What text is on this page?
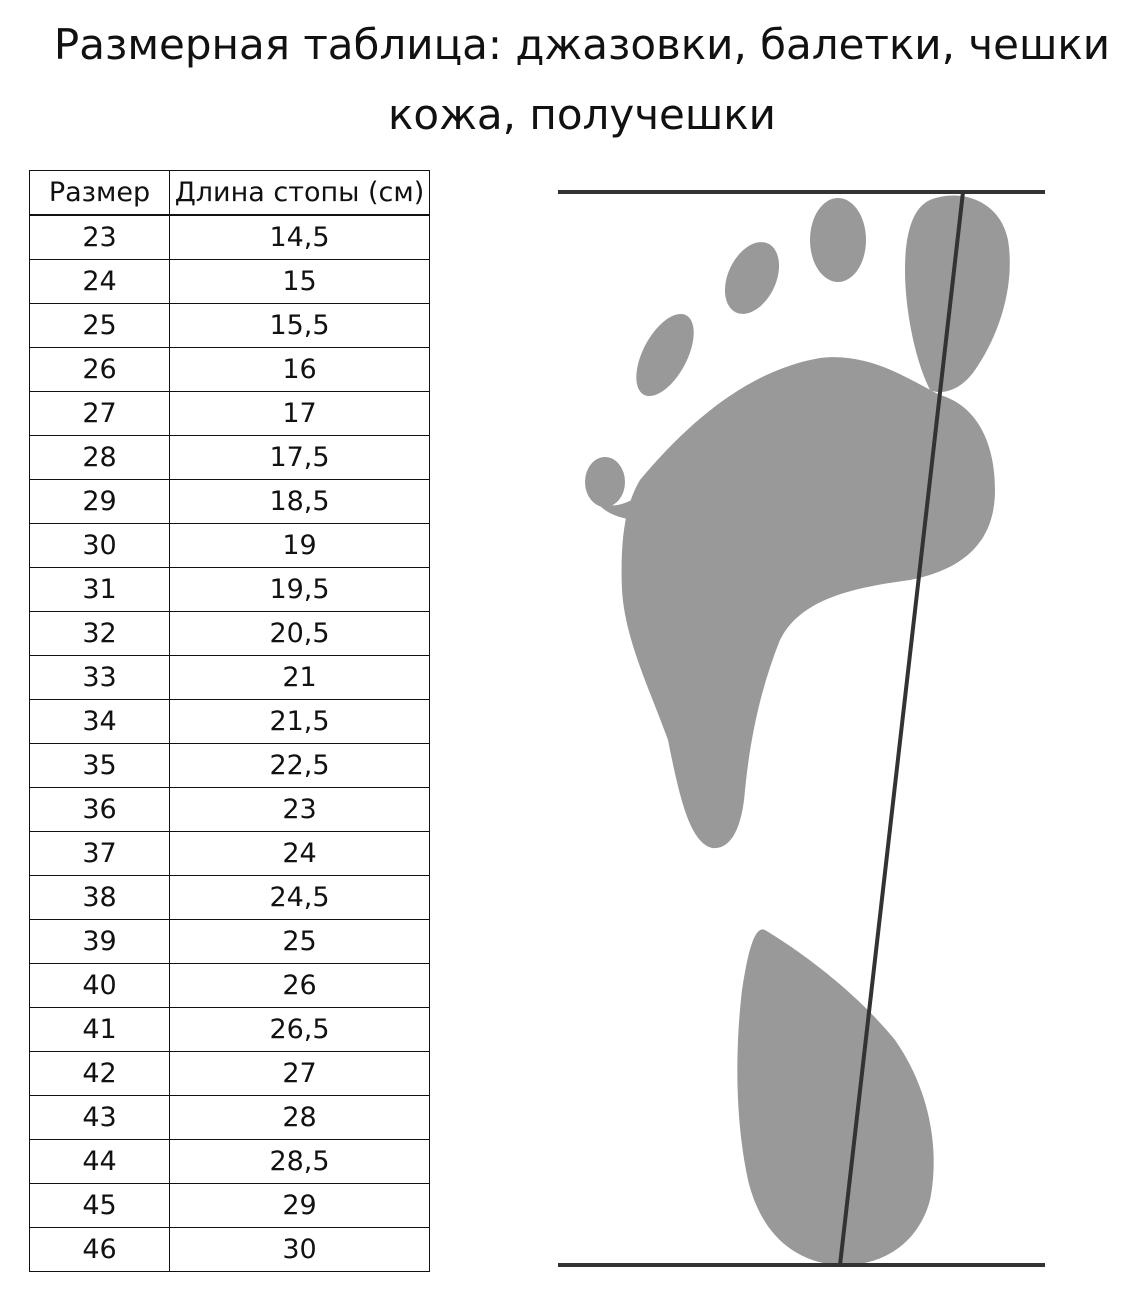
Размерная таблица: джазовки, балетки, чешки
кожа, получешки
Размер	Длина стопы (см)
23	14,5
24	15
25	15,5
26	16
27	17
28	17,5
29	18,5
30	19
31	19,5
32	20,5
33	21
34	21,5
35	22,5
36	23
37	24
38	24,5
39	25
40	26
41	26,5
42	27
43	28
44	28,5
45	29
46	30
